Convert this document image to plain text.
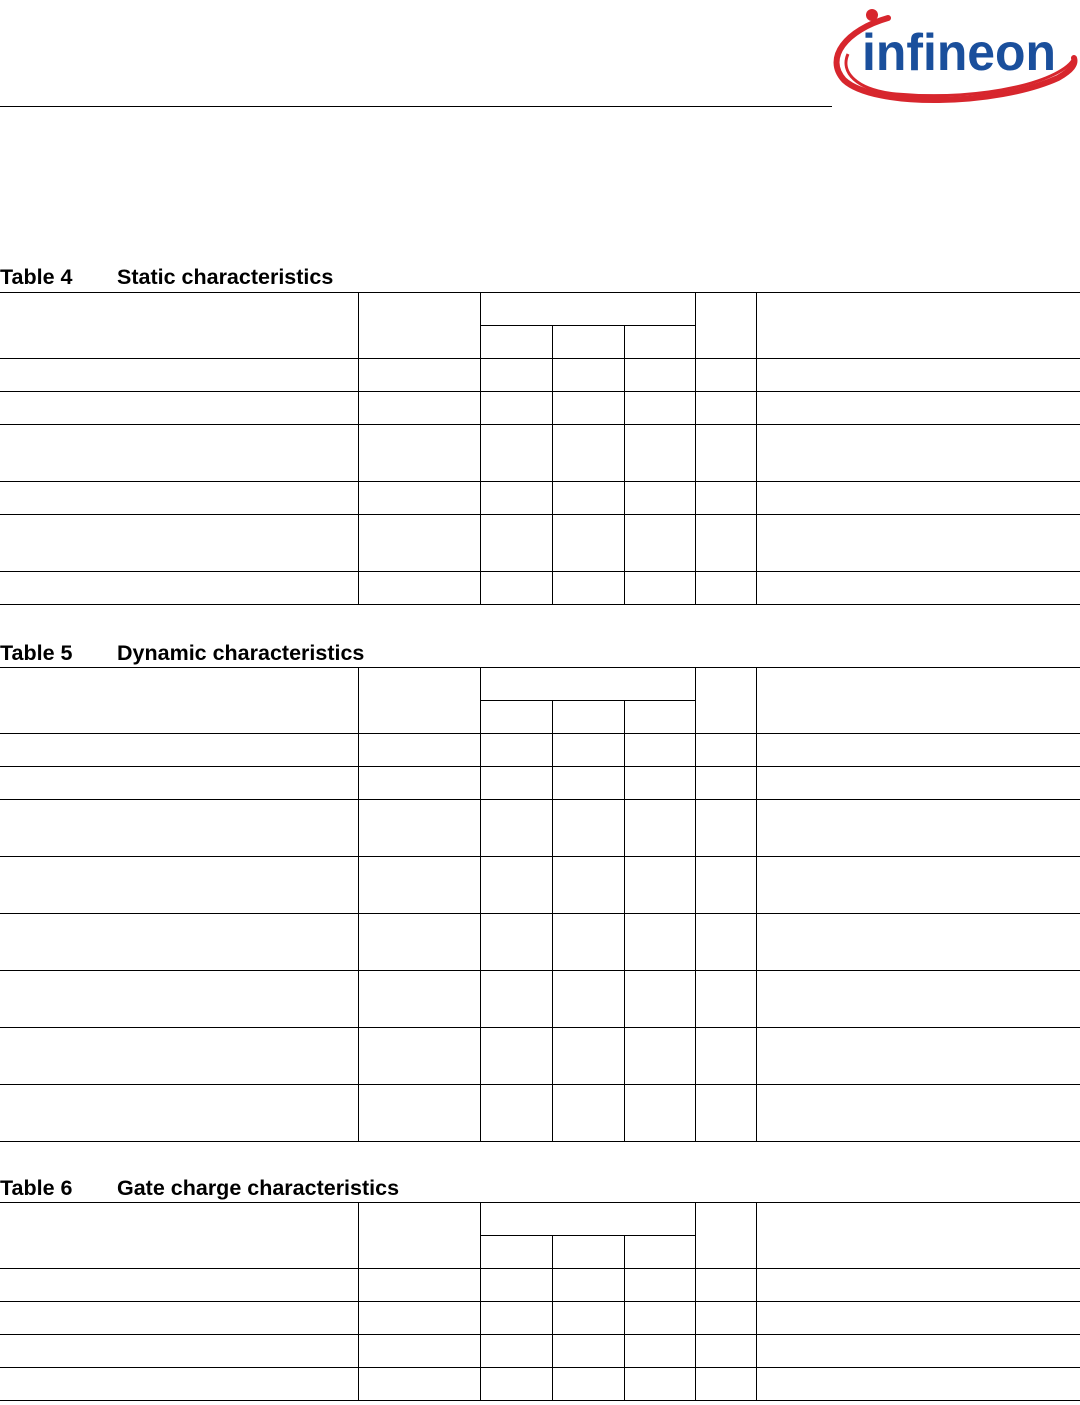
infineon
Table 4 Static characteristics

Table 5 Dynamic characteristics

Table 6 Gate charge characteristics
